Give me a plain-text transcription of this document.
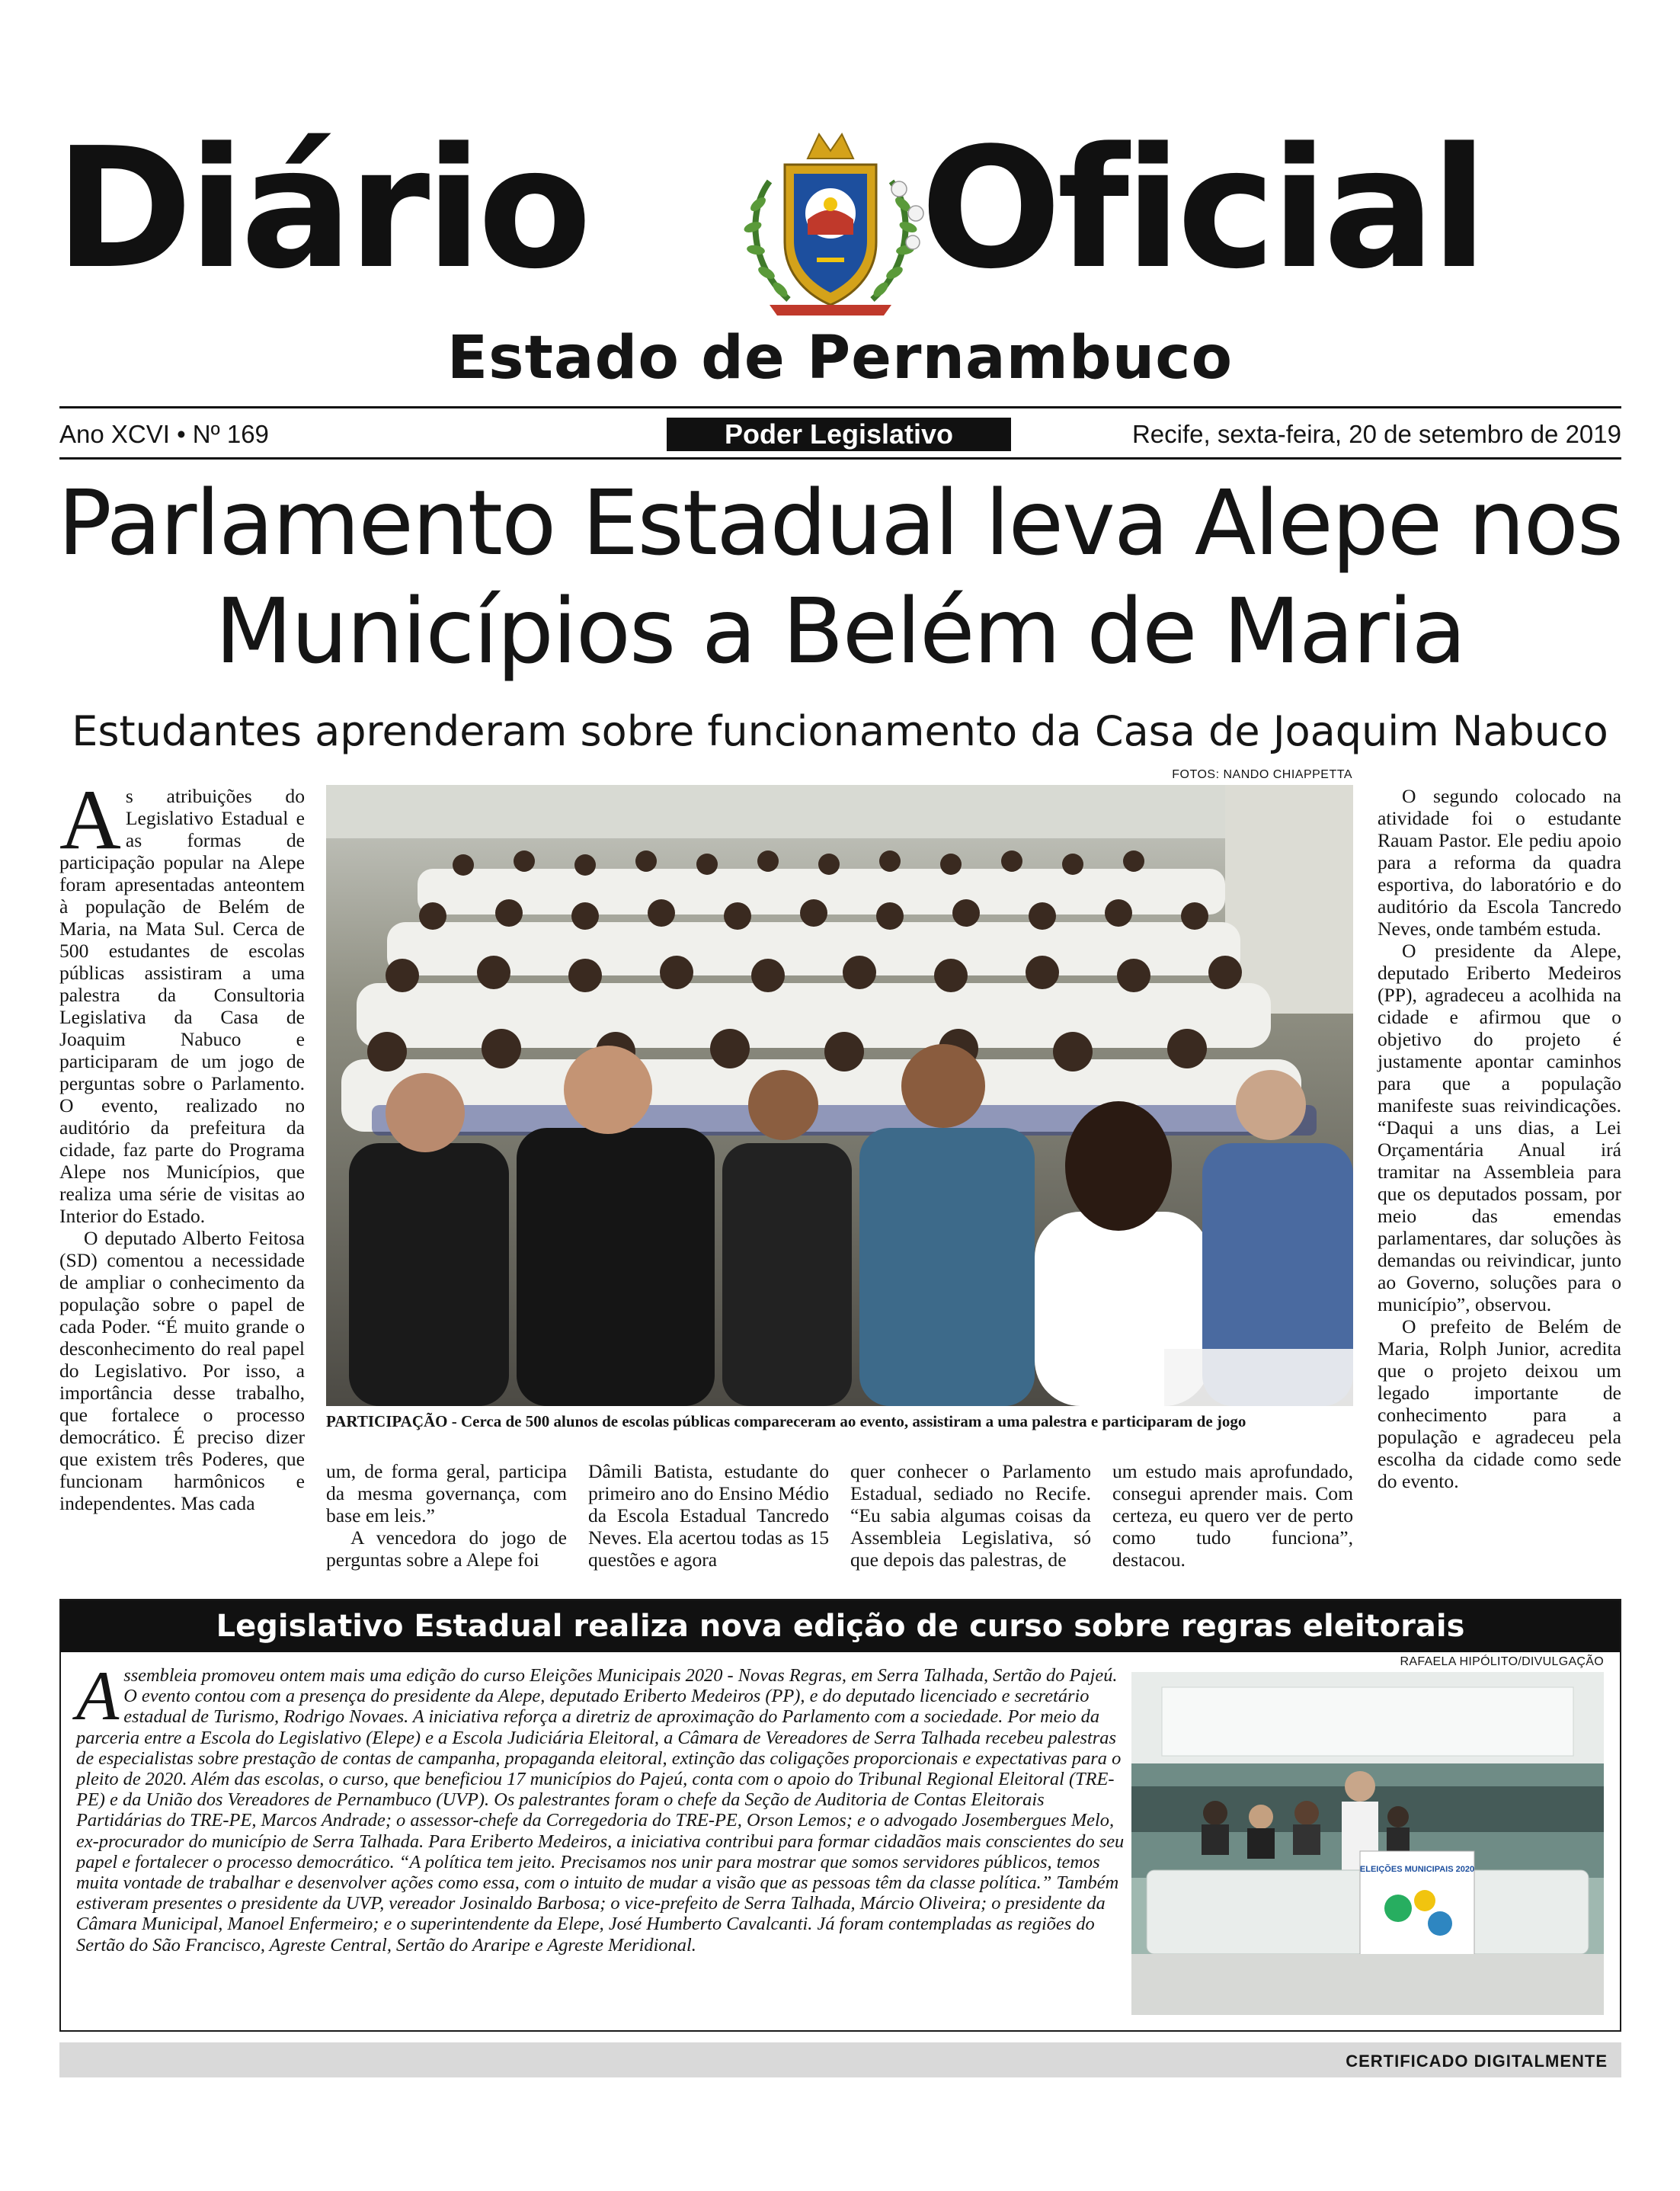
Diário Oficial
Estado de Pernambuco
Ano XCVI • Nº 169	Poder Legislativo	Recife, sexta-feira, 20 de setembro de 2019
Parlamento Estadual leva Alepe nos Municípios a Belém de Maria
Estudantes aprenderam sobre funcionamento da Casa de Joaquim Nabuco

As atribuições do Legislativo Estadual e as formas de participação popular na Alepe foram apresentadas anteontem à população de Belém de Maria, na Mata Sul. Cerca de 500 estudantes de escolas públicas assistiram a uma palestra da Consultoria Legislativa da Casa de Joaquim Nabuco e participaram de um jogo de perguntas sobre o Parlamento. O evento, realizado no auditório da prefeitura da cidade, faz parte do Programa Alepe nos Municípios, que realiza uma série de visitas ao Interior do Estado.

O deputado Alberto Feitosa (SD) comentou a necessidade de ampliar o conhecimento da população sobre o papel de cada Poder. “É muito grande o desconhecimento do real papel do Legislativo. Por isso, a importância desse trabalho, que fortalece o processo democrático. É preciso dizer que existem três Poderes, que funcionam harmônicos e independentes. Mas cada

FOTOS: NANDO CHIAPPETTA
PARTICIPAÇÃO - Cerca de 500 alunos de escolas públicas compareceram ao evento, assistiram a uma palestra e participaram de jogo

um, de forma geral, participa da mesma governança, com base em leis.”

A vencedora do jogo de perguntas sobre a Alepe foi

Dâmili Batista, estudante do primeiro ano do Ensino Médio da Escola Estadual Tancredo Neves. Ela acertou todas as 15 questões e agora

quer conhecer o Parlamento Estadual, sediado no Recife. “Eu sabia algumas coisas da Assembleia Legislativa, só que depois das palestras, de

um estudo mais aprofundado, consegui aprender mais. Com certeza, eu quero ver de perto como tudo funciona”, destacou.

O segundo colocado na atividade foi o estudante Rauam Pastor. Ele pediu apoio para a reforma da quadra esportiva, do laboratório e do auditório da Escola Tancredo Neves, onde também estuda.

O presidente da Alepe, deputado Eriberto Medeiros (PP), agradeceu a acolhida na cidade e afirmou que o objetivo do projeto é justamente apontar caminhos para que a população manifeste suas reivindicações. “Daqui a uns dias, a Lei Orçamentária Anual irá tramitar na Assembleia para que os deputados possam, por meio das emendas parlamentares, dar soluções às demandas ou reivindicar, junto ao Governo, soluções para o município”, observou.

O prefeito de Belém de Maria, Rolph Junior, acredita que o projeto deixou um legado importante de conhecimento para a população e agradeceu pela escolha da cidade como sede do evento.

Legislativo Estadual realiza nova edição de curso sobre regras eleitorais
RAFAELA HIPÓLITO/DIVULGAÇÃO
Assembleia promoveu ontem mais uma edição do curso Eleições Municipais 2020 - Novas Regras, em Serra Talhada, Sertão do Pajeú. O evento contou com a presença do presidente da Alepe, deputado Eriberto Medeiros (PP), e do deputado licenciado e secretário estadual de Turismo, Rodrigo Novaes. A iniciativa reforça a diretriz de aproximação do Parlamento com a sociedade. Por meio da parceria entre a Escola do Legislativo (Elepe) e a Escola Judiciária Eleitoral, a Câmara de Vereadores de Serra Talhada recebeu palestras de especialistas sobre prestação de contas de campanha, propaganda eleitoral, extinção das coligações proporcionais e expectativas para o pleito de 2020. Além das escolas, o curso, que beneficiou 17 municípios do Pajeú, conta com o apoio do Tribunal Regional Eleitoral (TRE-PE) e da União dos Vereadores de Pernambuco (UVP). Os palestrantes foram o chefe da Seção de Auditoria de Contas Eleitorais Partidárias do TRE-PE, Marcos Andrade; o assessor-chefe da Corregedoria do TRE-PE, Orson Lemos; e o advogado Josembergues Melo, ex-procurador do município de Serra Talhada. Para Eriberto Medeiros, a iniciativa contribui para formar cidadãos mais conscientes do seu papel e fortalecer o processo democrático. “A política tem jeito. Precisamos nos unir para mostrar que somos servidores públicos, temos muita vontade de trabalhar e desenvolver ações como essa, com o intuito de mudar a visão que as pessoas têm da classe política.” Também estiveram presentes o presidente da UVP, vereador Josinaldo Barbosa; o vice-prefeito de Serra Talhada, Márcio Oliveira; o presidente da Câmara Municipal, Manoel Enfermeiro; e o superintendente da Elepe, José Humberto Cavalcanti. Já foram contempladas as regiões do Sertão do São Francisco, Agreste Central, Sertão do Araripe e Agreste Meridional.
ELEIÇÕES MUNICIPAIS 2020
CERTIFICADO DIGITALMENTE
